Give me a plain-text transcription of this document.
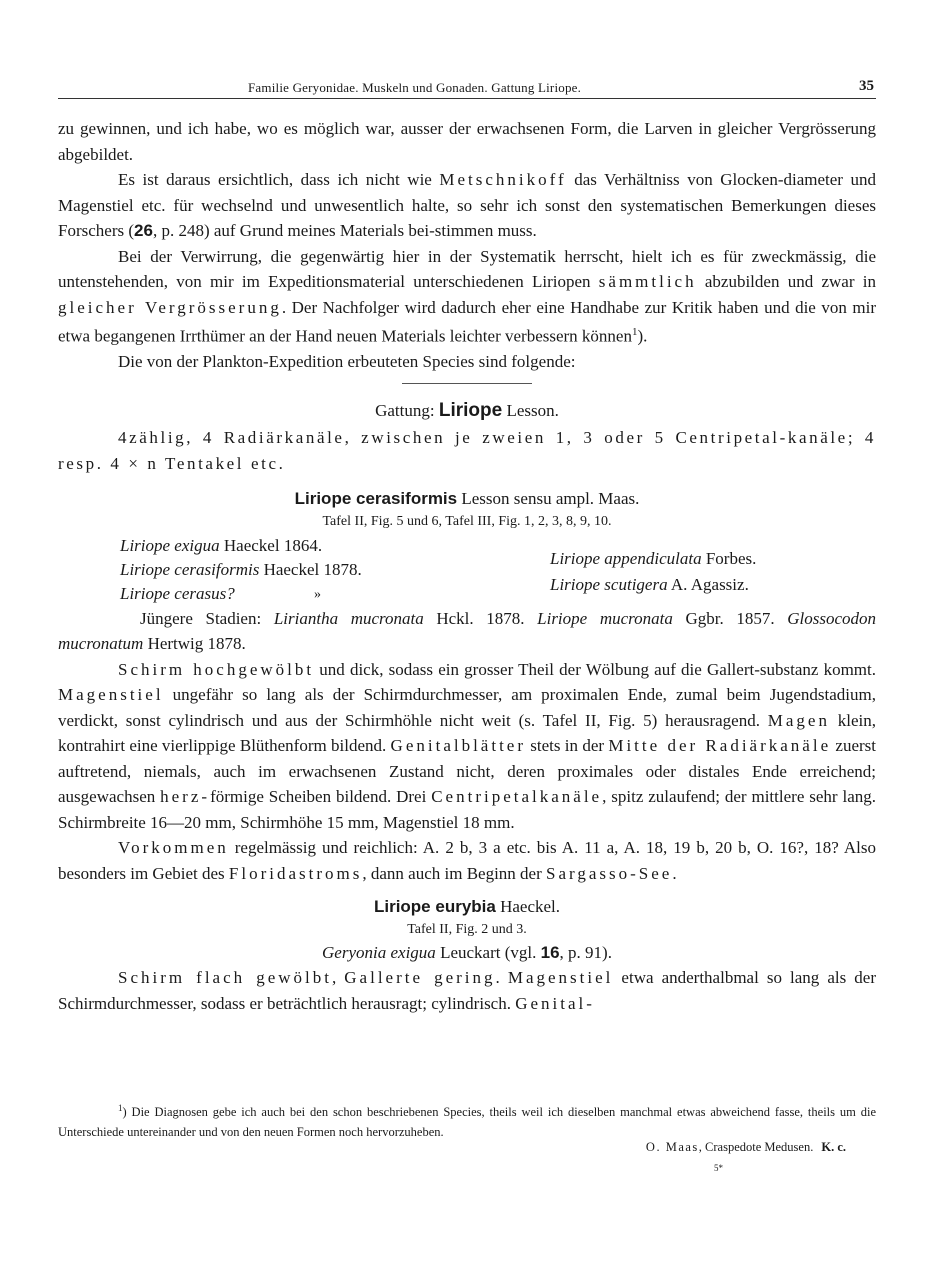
Familie Geryonidae. Muskeln und Gonaden. Gattung Liriope.	35

zu gewinnen, und ich habe, wo es möglich war, ausser der erwachsenen Form, die Larven in gleicher Vergrösserung abgebildet.

Es ist daraus ersichtlich, dass ich nicht wie Metschnikoff das Verhältniss von Glocken-diameter und Magenstiel etc. für wechselnd und unwesentlich halte, so sehr ich sonst den systematischen Bemerkungen dieses Forschers (26, p. 248) auf Grund meines Materials bei-stimmen muss.

Bei der Verwirrung, die gegenwärtig hier in der Systematik herrscht, hielt ich es für zweckmässig, die untenstehenden, von mir im Expeditionsmaterial unterschiedenen Liriopen sämmtlich abzubilden und zwar in gleicher Vergrösserung. Der Nachfolger wird dadurch eher eine Handhabe zur Kritik haben und die von mir etwa begangenen Irrthümer an der Hand neuen Materials leichter verbessern können$^1$).

Die von der Plankton-Expedition erbeuteten Species sind folgende:

Gattung: Liriope Lesson.

4zählig, 4 Radiärkanäle, zwischen je zweien 1, 3 oder 5 Centripetal-kanäle; 4 resp. 4 × n Tentakel etc.

Liriope cerasiformis Lesson sensu ampl. Maas.

Tafel II, Fig. 5 und 6, Tafel III, Fig. 1, 2, 3, 8, 9, 10.

Liriope exigua Haeckel 1864.
Liriope cerasiformis Haeckel 1878.
Liriope cerasus?	»
Liriope appendiculata Forbes.
Liriope scutigera A. Agassiz.

Jüngere Stadien: Liriantha mucronata Hckl. 1878. Liriope mucronata Ggbr. 1857. Glossocodon mucronatum Hertwig 1878.

Schirm hochgewölbt und dick, sodass ein grosser Theil der Wölbung auf die Gallert-substanz kommt. Magenstiel ungefähr so lang als der Schirmdurchmesser, am proximalen Ende, zumal beim Jugendstadium, verdickt, sonst cylindrisch und aus der Schirmhöhle nicht weit (s. Tafel II, Fig. 5) herausragend. Magen klein, kontrahirt eine vierlippige Blüthenform bildend. Genitalblätter stets in der Mitte der Radiärkanäle zuerst auftretend, niemals, auch im erwachsenen Zustand nicht, deren proximales oder distales Ende erreichend; ausgewachsen herz-förmige Scheiben bildend. Drei Centripetalkanäle, spitz zulaufend; der mittlere sehr lang. Schirmbreite 16—20 mm, Schirmhöhe 15 mm, Magenstiel 18 mm.

Vorkommen regelmässig und reichlich: A. 2 b, 3 a etc. bis A. 11 a, A. 18, 19 b, 20 b, O. 16?, 18? Also besonders im Gebiet des Floridastroms, dann auch im Beginn der Sargasso-See.

Liriope eurybia Haeckel.

Tafel II, Fig. 2 und 3.

Geryonia exigua Leuckart (vgl. 16, p. 91).

Schirm flach gewölbt, Gallerte gering. Magenstiel etwa anderthalbmal so lang als der Schirmdurchmesser, sodass er beträchtlich herausragt; cylindrisch. Genital-

$^1$) Die Diagnosen gebe ich auch bei den schon beschriebenen Species, theils weil ich dieselben manchmal etwas abweichend fasse, theils um die Unterschiede untereinander und von den neuen Formen noch hervorzuheben.

O. Maas, Craspedote Medusen. K. c.
5*
